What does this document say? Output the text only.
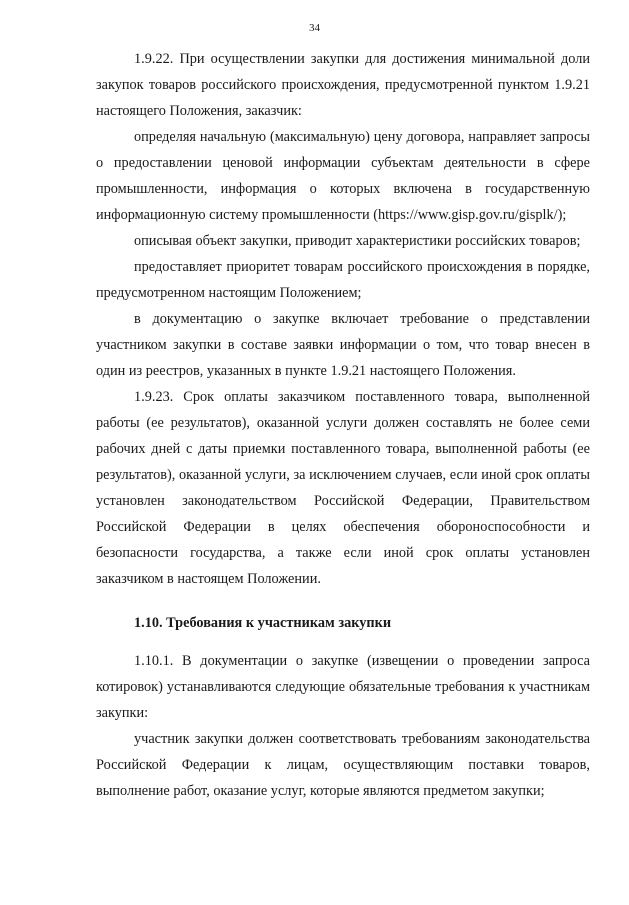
34

1.9.22. При осуществлении закупки для достижения минимальной доли закупок товаров российского происхождения, предусмотренной пунктом 1.9.21 настоящего Положения, заказчик:

определяя начальную (максимальную) цену договора, направляет запросы о предоставлении ценовой информации субъектам деятельности в сфере промышленности, информация о которых включена в государственную информационную систему промышленности (https://www.gisp.gov.ru/gisplk/);

описывая объект закупки, приводит характеристики российских товаров;

предоставляет приоритет товарам российского происхождения в порядке, предусмотренном настоящим Положением;

в документацию о закупке включает требование о представлении участником закупки в составе заявки информации о том, что товар внесен в один из реестров, указанных в пункте 1.9.21 настоящего Положения.

1.9.23. Срок оплаты заказчиком поставленного товара, выполненной работы (ее результатов), оказанной услуги должен составлять не более семи рабочих дней с даты приемки поставленного товара, выполненной работы (ее результатов), оказанной услуги, за исключением случаев, если иной срок оплаты установлен законодательством Российской Федерации, Правительством Российской Федерации в целях обеспечения обороноспособности и безопасности государства, а также если иной срок оплаты установлен заказчиком в настоящем Положении.

1.10. Требования к участникам закупки

1.10.1. В документации о закупке (извещении о проведении запроса котировок) устанавливаются следующие обязательные требования к участникам закупки:

участник закупки должен соответствовать требованиям законодательства Российской Федерации к лицам, осуществляющим поставки товаров, выполнение работ, оказание услуг, которые являются предметом закупки;
